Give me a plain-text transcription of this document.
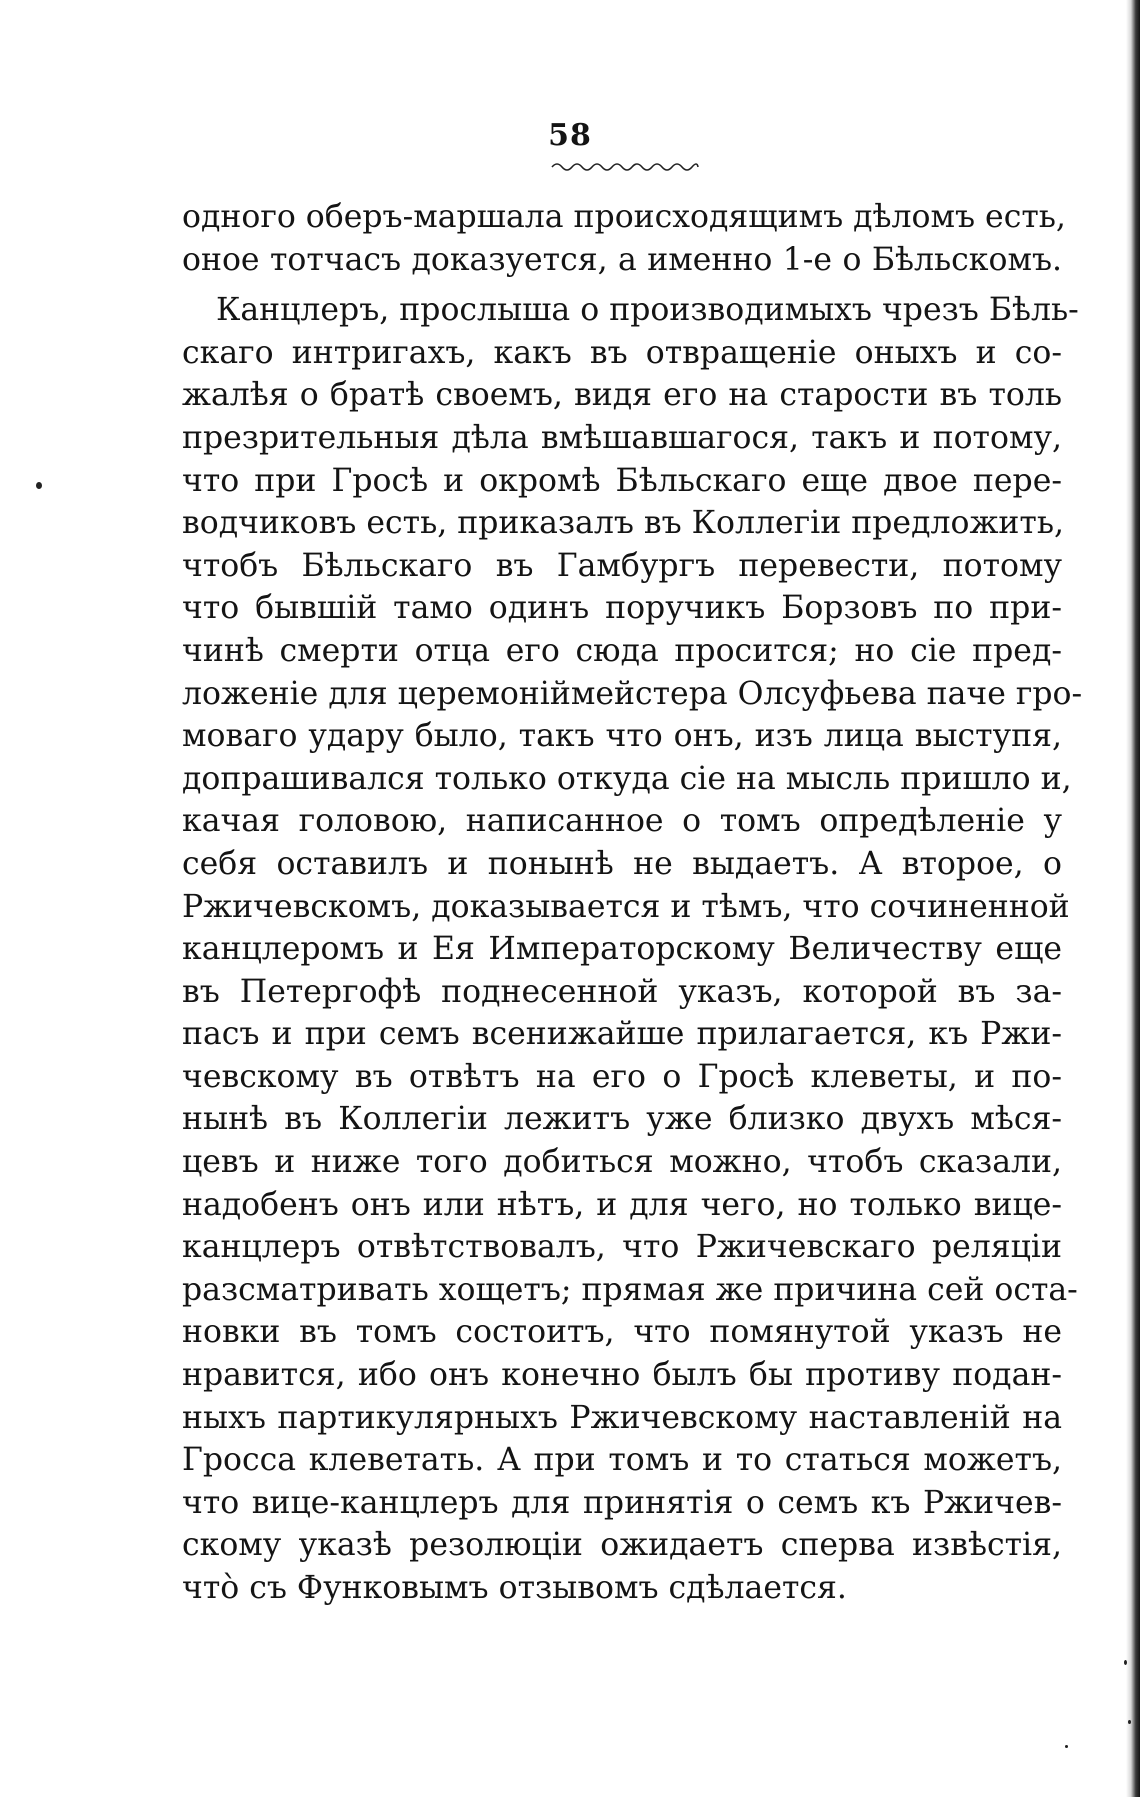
58
одного оберъ-маршала происходящимъ дѣломъ есть,
оное тотчасъ доказуется, а именно 1-е о Бѣльскомъ.
Канцлеръ, прослыша о производимыхъ чрезъ Бѣль-
скаго интригахъ, какъ въ отвращеніе оныхъ и со-
жалѣя о братѣ своемъ, видя его на старости въ толь
презрительныя дѣла вмѣшавшагося, такъ и потому,
что при Гросѣ и окромѣ Бѣльскаго еще двое пере-
водчиковъ есть, приказалъ въ Коллегіи предложить,
чтобъ Бѣльскаго въ Гамбургъ перевести, потому
что бывшій тамо одинъ поручикъ Борзовъ по при-
чинѣ смерти отца его сюда просится; но сіе пред-
ложеніе для церемоніймейстера Олсуфьева паче гро-
моваго удару было, такъ что онъ, изъ лица выступя,
допрашивался только откуда сіе на мысль пришло и,
качая головою, написанное о томъ опредѣленіе у
себя оставилъ и понынѣ не выдаетъ. А второе, о
Ржичевскомъ, доказывается и тѣмъ, что сочиненной
канцлеромъ и Ея Императорскому Величеству еще
въ Петергофѣ поднесенной указъ, которой въ за-
пасъ и при семъ всенижайше прилагается, къ Ржи-
чевскому въ отвѣтъ на его о Гросѣ клеветы, и по-
нынѣ въ Коллегіи лежитъ уже близко двухъ мѣся-
цевъ и ниже того добиться можно, чтобъ сказали,
надобенъ онъ или нѣтъ, и для чего, но только вице-
канцлеръ отвѣтствовалъ, что Ржичевскаго реляціи
разсматривать хощетъ; прямая же причина сей оста-
новки въ томъ состоитъ, что помянутой указъ не
нравится, ибо онъ конечно былъ бы противу подан-
ныхъ партикулярныхъ Ржичевскому наставленій на
Гросса клеветать. А при томъ и то статься можетъ,
что вице-канцлеръ для принятія о семъ къ Ржичев-
скому указѣ резолюціи ожидаетъ сперва извѣстія,
чтò съ Функовымъ отзывомъ сдѣлается.
